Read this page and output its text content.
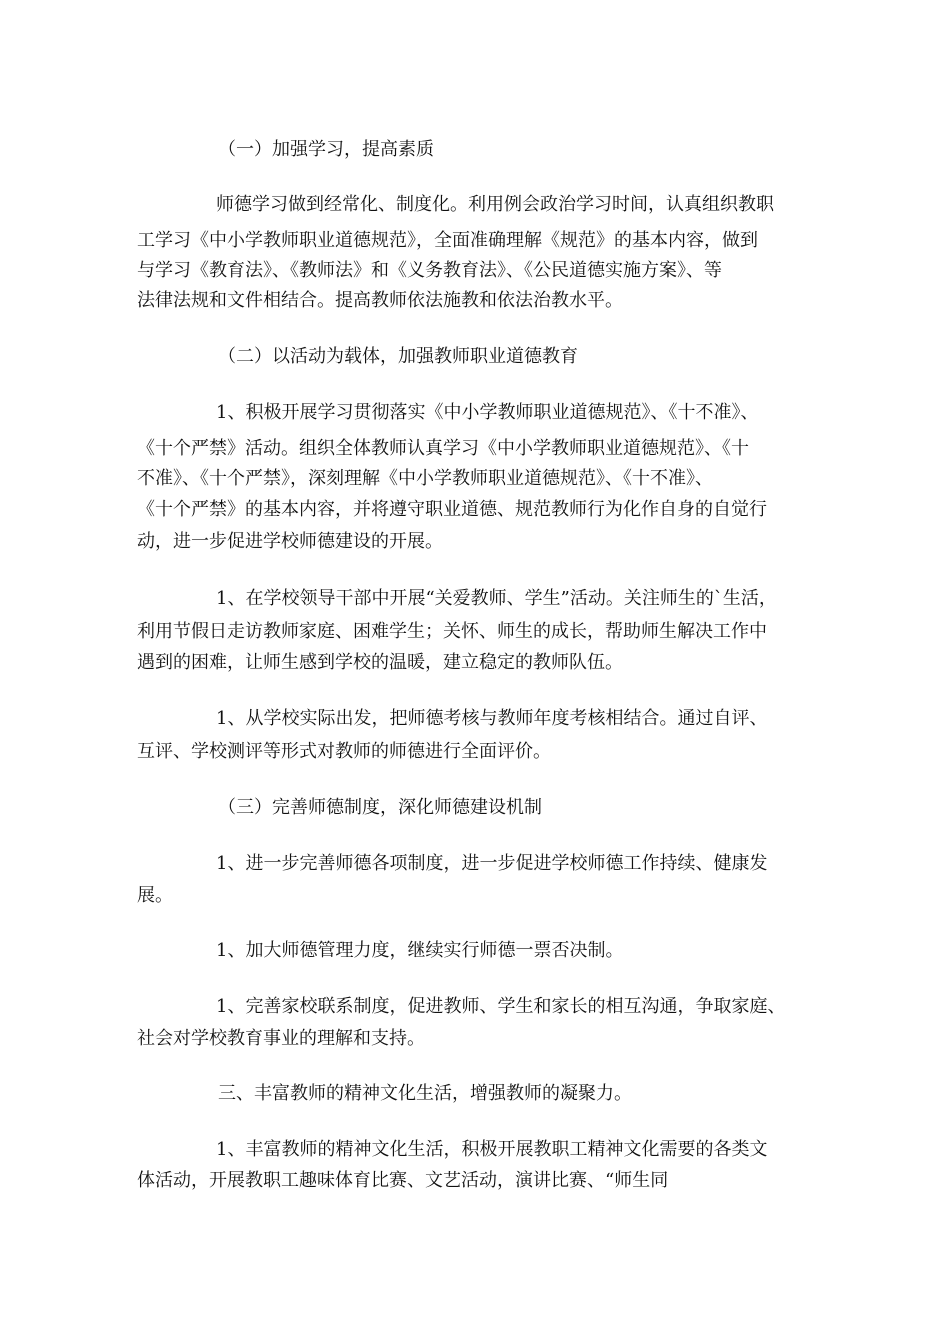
（一）加强学习，提高素质
师德学习做到经常化、制度化。利用例会政治学习时间，认真组织教职
工学习《中小学教师职业道德规范》，全面准确理解《规范》的基本内容，做到
与学习《教育法》、《教师法》和《义务教育法》、《公民道德实施方案》、等
法律法规和文件相结合。提高教师依法施教和依法治教水平。
（二）以活动为载体，加强教师职业道德教育
1、积极开展学习贯彻落实《中小学教师职业道德规范》、《十不准》、
《十个严禁》活动。组织全体教师认真学习《中小学教师职业道德规范》、《十
不准》、《十个严禁》，深刻理解《中小学教师职业道德规范》、《十不准》、
《十个严禁》的基本内容，并将遵守职业道德、规范教师行为化作自身的自觉行
动，进一步促进学校师德建设的开展。
1、在学校领导干部中开展“关爱教师、学生”活动。关注师生的`生活，
利用节假日走访教师家庭、困难学生；关怀、师生的成长，帮助师生解决工作中
遇到的困难，让师生感到学校的温暖，建立稳定的教师队伍。
1、从学校实际出发，把师德考核与教师年度考核相结合。通过自评、
互评、学校测评等形式对教师的师德进行全面评价。
（三）完善师德制度，深化师德建设机制
1、进一步完善师德各项制度，进一步促进学校师德工作持续、健康发
展。
1、加大师德管理力度，继续实行师德一票否决制。
1、完善家校联系制度，促进教师、学生和家长的相互沟通，争取家庭、
社会对学校教育事业的理解和支持。
三、丰富教师的精神文化生活，增强教师的凝聚力。
1、丰富教师的精神文化生活，积极开展教职工精神文化需要的各类文
体活动，开展教职工趣味体育比赛、文艺活动，演讲比赛、“师生同
